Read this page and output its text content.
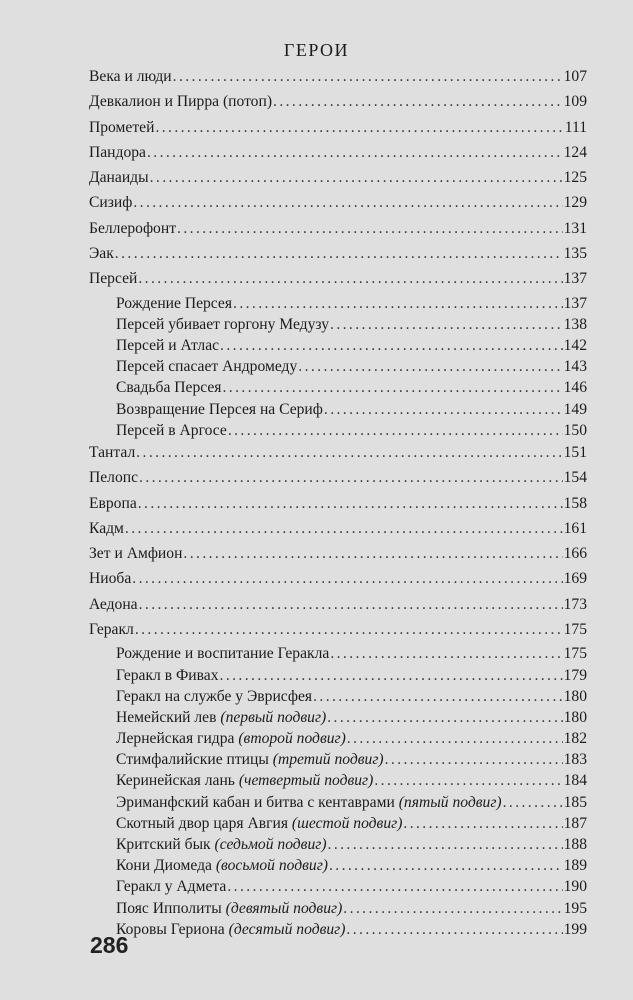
ГЕРОИ
Века и люди .....	107
Девкалион и Пирра (потоп) .....	109
Прометей .....	111
Пандора .....	124
Данаиды .....	125
Сизиф .....	129
Беллерофонт .....	131
Эак .....	135
Персей .....	137
Рождение Персея .....	137
Персей убивает горгону Медузу .....	138
Персей и Атлас .....	142
Персей спасает Андромеду .....	143
Свадьба Персея .....	146
Возвращение Персея на Сериф .....	149
Персей в Аргосе .....	150
Тантал .....	151
Пелопс .....	154
Европа .....	158
Кадм .....	161
Зет и Амфион .....	166
Ниоба .....	169
Аедона .....	173
Геракл .....	175
Рождение и воспитание Геракла .....	175
Геракл в Фивах .....	179
Геракл на службе у Эврисфея .....	180
Немейский лев (первый подвиг) .....	180
Лернейская гидра (второй подвиг) .....	182
Стимфалийские птицы (третий подвиг) .....	183
Керинейская лань (четвертый подвиг) .....	184
Эриманфский кабан и битва с кентаврами (пятый подвиг) .....	185
Скотный двор царя Авгия (шестой подвиг) .....	187
Критский бык (седьмой подвиг) .....	188
Кони Диомеда (восьмой подвиг) .....	189
Геракл у Адмета .....	190
Пояс Ипполиты (девятый подвиг) .....	195
Коровы Гериона (десятый подвиг) .....	199
286
